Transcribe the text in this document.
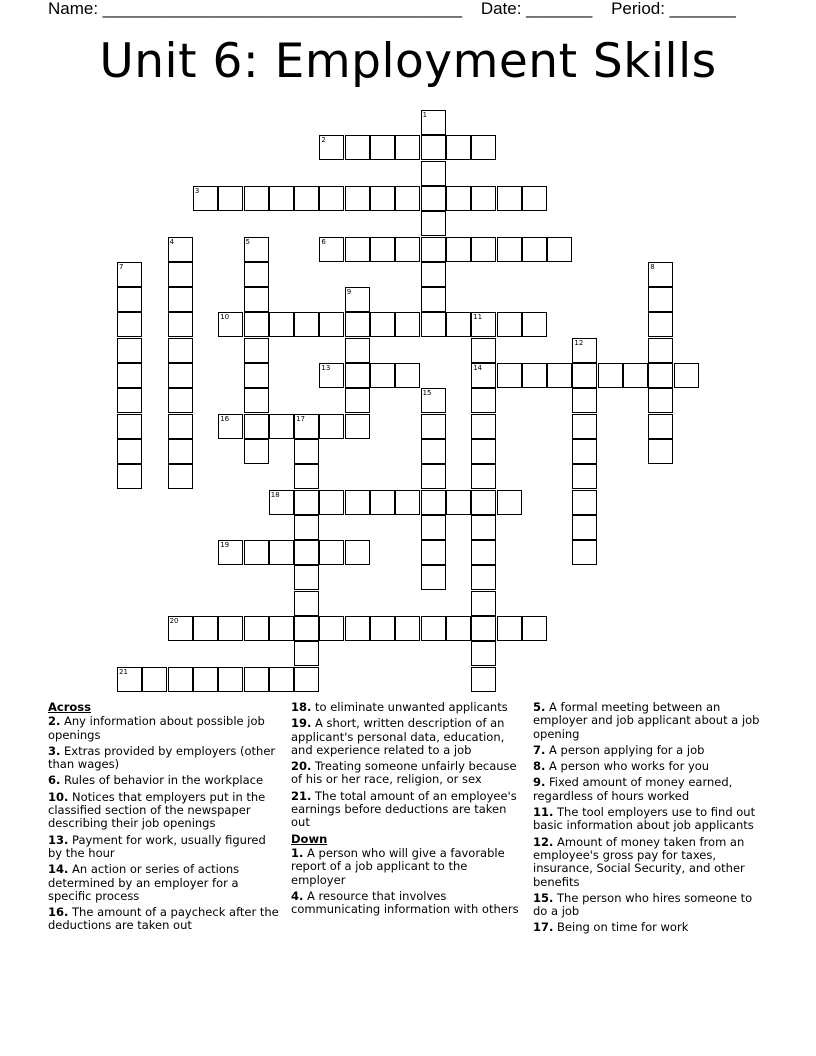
Name: ______________________________________ Date: _______ Period: _______
Unit 6: Employment Skills
2
3
6
10	11
13	14
16	17
18
19
20
21
1
4	5
7	8
9
12
15
Across
2. Any information about possible job openings
3. Extras provided by employers (other than wages)
6. Rules of behavior in the workplace
10. Notices that employers put in the classified section of the newspaper describing their job openings
13. Payment for work, usually figured by the hour
14. An action or series of actions determined by an employer for a specific process
16. The amount of a paycheck after the deductions are taken out
18. to eliminate unwanted applicants
19. A short, written description of an applicant's personal data, education, and experience related to a job
20. Treating someone unfairly because of his or her race, religion, or sex
21. The total amount of an employee's earnings before deductions are taken out
Down
1. A person who will give a favorable report of a job applicant to the employer
4. A resource that involves communicating information with others
5. A formal meeting between an employer and job applicant about a job opening
7. A person applying for a job
8. A person who works for you
9. Fixed amount of money earned, regardless of hours worked
11. The tool employers use to find out basic information about job applicants
12. Amount of money taken from an employee's gross pay for taxes, insurance, Social Security, and other benefits
15. The person who hires someone to do a job
17. Being on time for work
